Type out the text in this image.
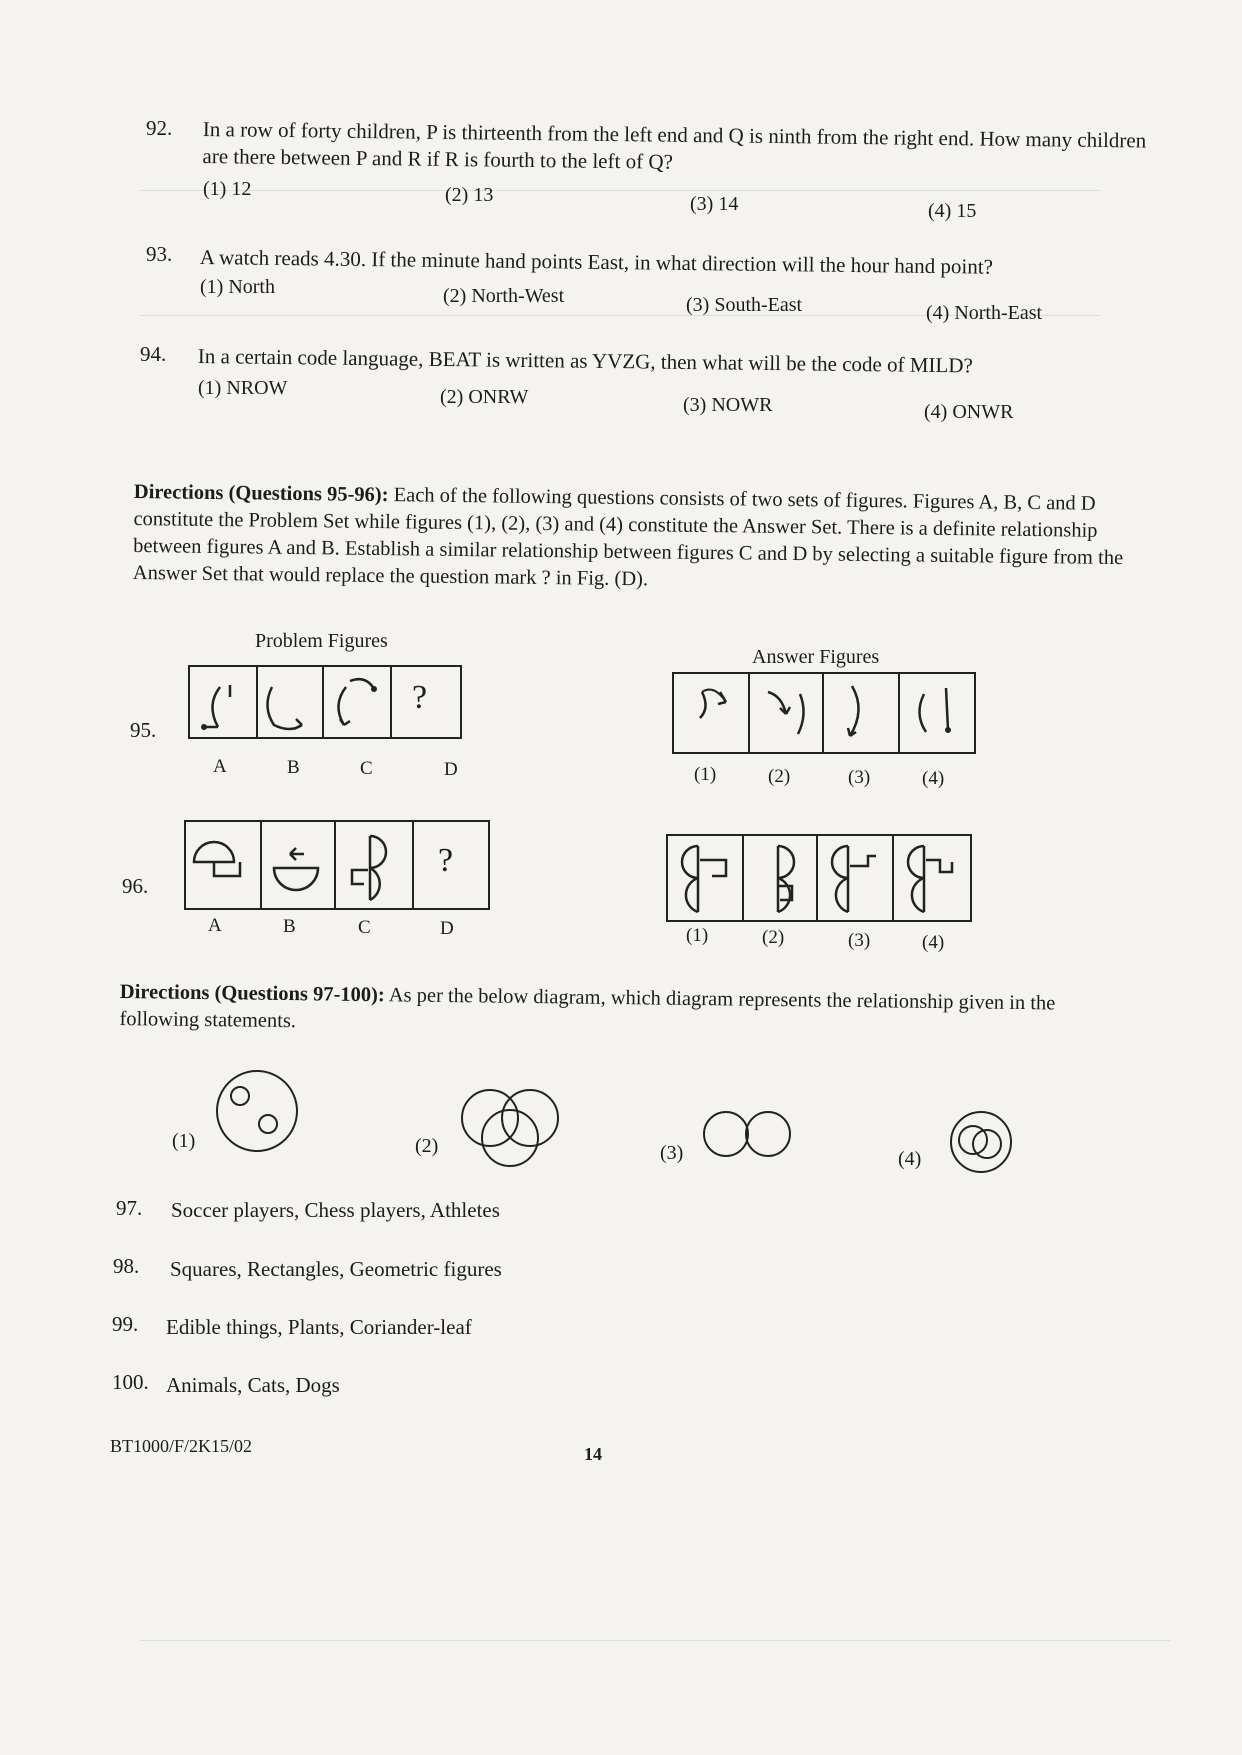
92. In a row of forty children, P is thirteenth from the left end and Q is ninth from the right end. How many children are there between P and R if R is fourth to the left of Q?
(1) 12	(2) 13	(3) 14	(4) 15
93. A watch reads 4.30. If the minute hand points East, in what direction will the hour hand point?
(1) North	(2) North-West	(3) South-East	(4) North-East
94. In a certain code language, BEAT is written as YVZG, then what will be the code of MILD?
(1) NROW	(2) ONRW	(3) NOWR	(4) ONWR
Directions (Questions 95-96): Each of the following questions consists of two sets of figures. Figures A, B, C and D constitute the Problem Set while figures (1), (2), (3) and (4) constitute the Answer Set. There is a definite relationship between figures A and B. Establish a similar relationship between figures C and D by selecting a suitable figure from the Answer Set that would replace the question mark ? in Fig. (D).
Problem Figures
Answer Figures
95.
?
A	B	C	D	(1)	(2)	(3)	(4)
96.
?
A	B	C	D	(1)	(2)	(3)	(4)
Directions (Questions 97-100): As per the below diagram, which diagram represents the relationship given in the following statements.
(1)	(2)	(3)	(4)
97. Soccer players, Chess players, Athletes
98. Squares, Rectangles, Geometric figures
99. Edible things, Plants, Coriander-leaf
100. Animals, Cats, Dogs
BT1000/F/2K15/02	14
